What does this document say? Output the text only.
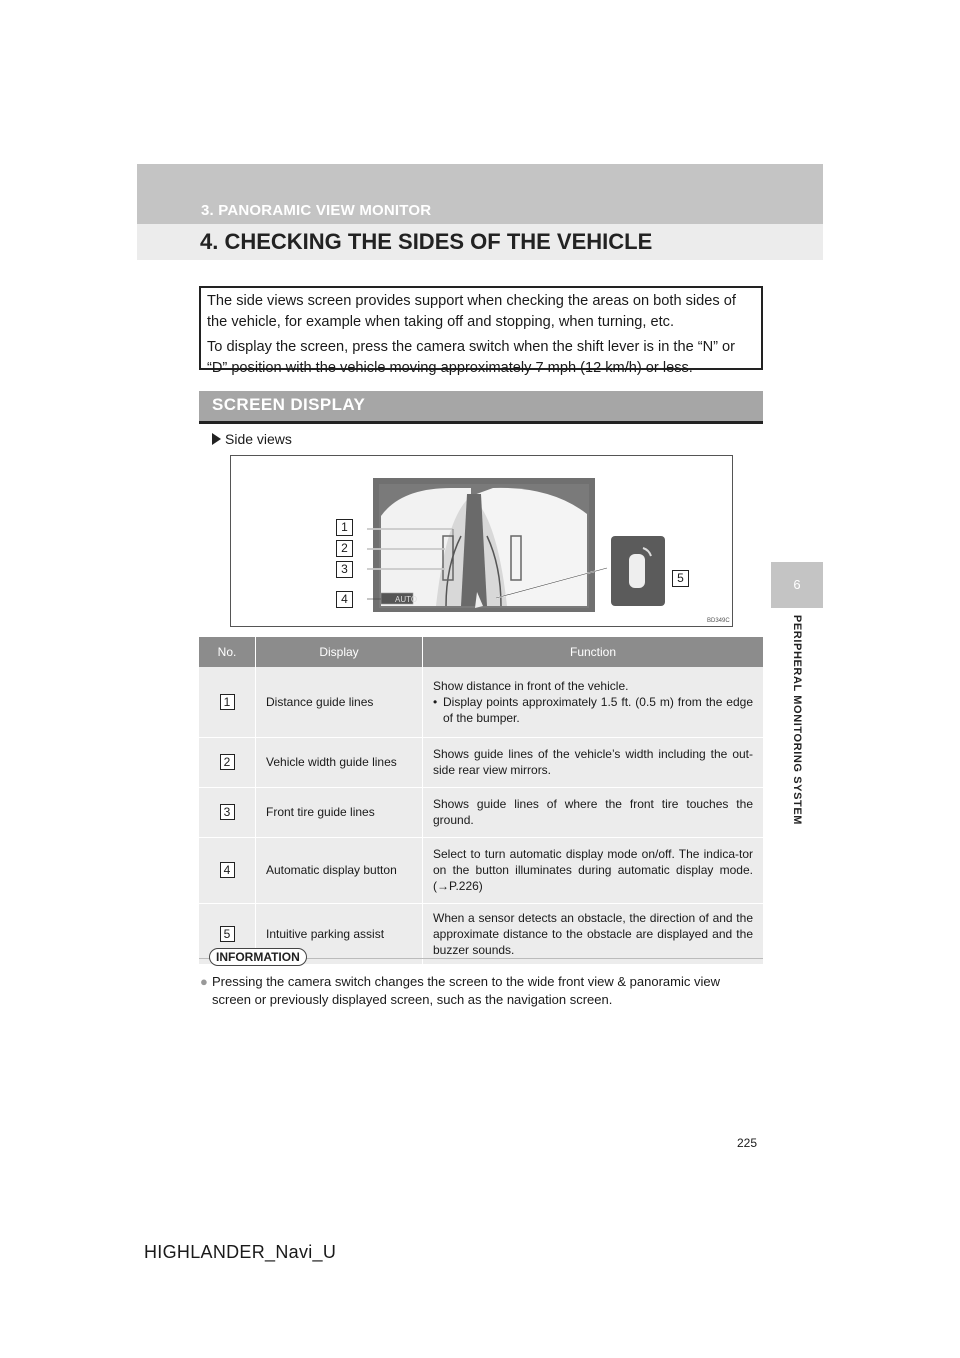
3. PANORAMIC VIEW MONITOR
4. CHECKING THE SIDES OF THE VEHICLE
6
PERIPHERAL MONITORING SYSTEM

The side views screen provides support when checking the areas on both sides of the vehicle, for example when taking off and stopping, when turning, etc.

To display the screen, press the camera switch when the shift lever is in the “N” or “D” position with the vehicle moving approximately 7 mph (12 km/h) or less.

SCREEN DISPLAY
Side views
AUTO
1
2
3
4
5
BD349C
No.	Display	Function
1	Distance guide lines	Show distance in front of the vehicle.
• Display points approximately 1.5 ft. (0.5 m) from the edge of the bumper.

2	Vehicle width guide lines	Shows guide lines of the vehicle’s width including the out-side rear view mirrors.
3	Front tire guide lines	Shows guide lines of where the front tire touches the ground.
4	Automatic display button	Select to turn automatic display mode on/off. The indica-tor on the button illuminates during automatic display mode. (→P.226)
5	Intuitive parking assist	When a sensor detects an obstacle, the direction of and the approximate distance to the obstacle are displayed and the buzzer sounds.
INFORMATION
● Pressing the camera switch changes the screen to the wide front view & panoramic view screen or previously displayed screen, such as the navigation screen.
225
HIGHLANDER_Navi_U
